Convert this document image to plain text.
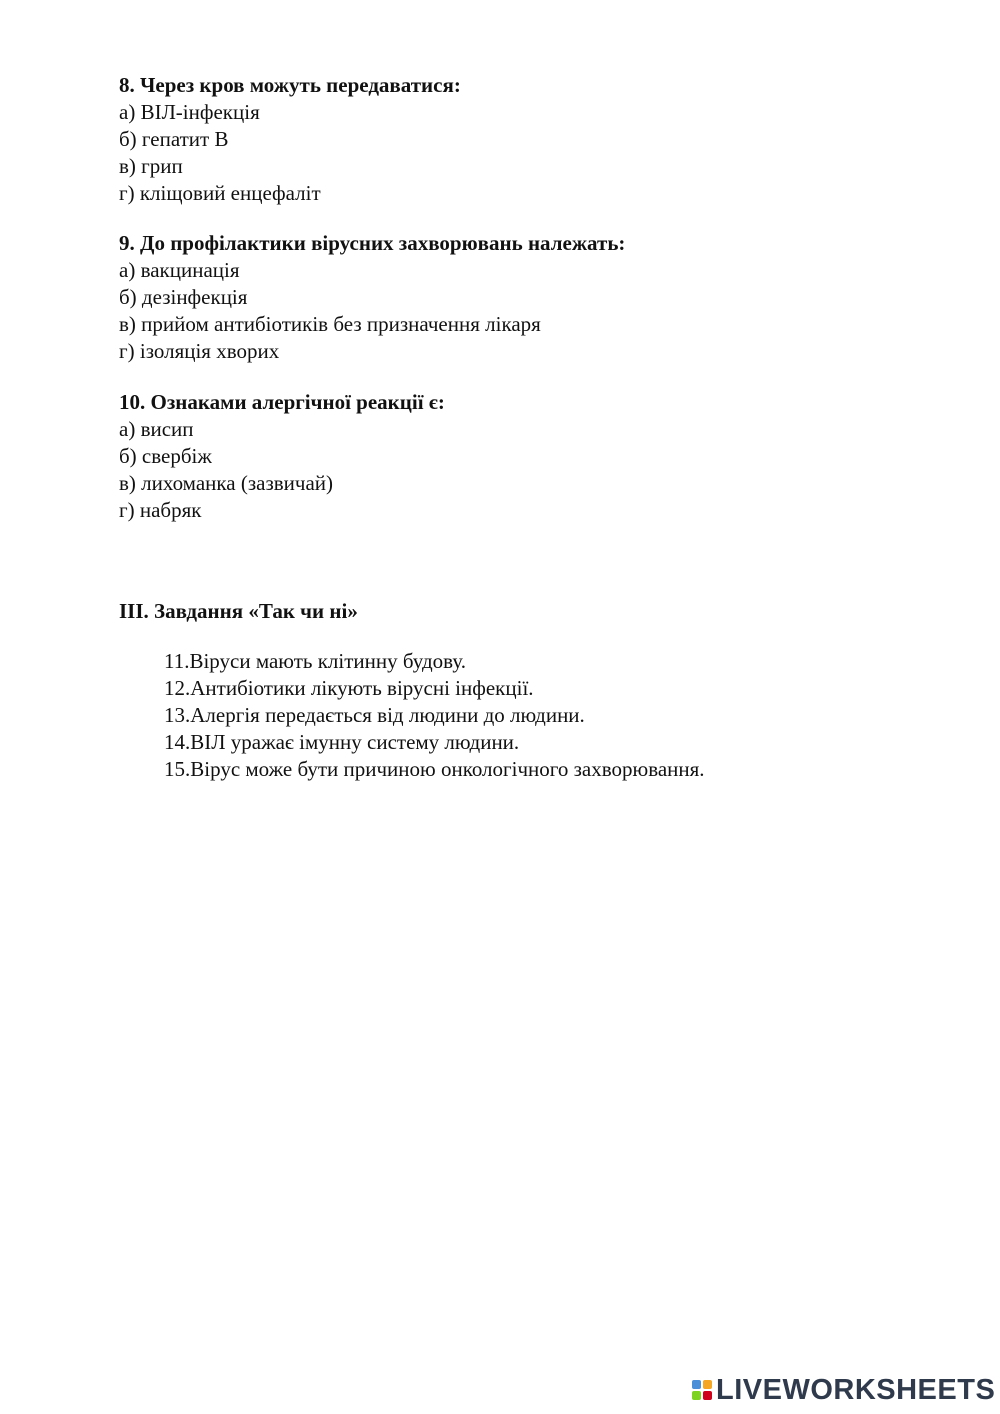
8. Через кров можуть передаватися:

а) ВІЛ-інфекція

б) гепатит В

в) грип

г) кліщовий енцефаліт

9. До профілактики вірусних захворювань належать:

а) вакцинація

б) дезінфекція

в) прийом антибіотиків без призначення лікаря

г) ізоляція хворих

10. Ознаками алергічної реакції є:

а) висип

б) свербіж

в) лихоманка (зазвичай)

г) набряк

ІІІ. Завдання «Так чи ні»

11.Віруси мають клітинну будову.
12.Антибіотики лікують вірусні інфекції.
13.Алергія передається від людини до людини.
14.ВІЛ уражає імунну систему людини.
15.Вірус може бути причиною онкологічного захворювання.
LIVEWORKSHEETS
